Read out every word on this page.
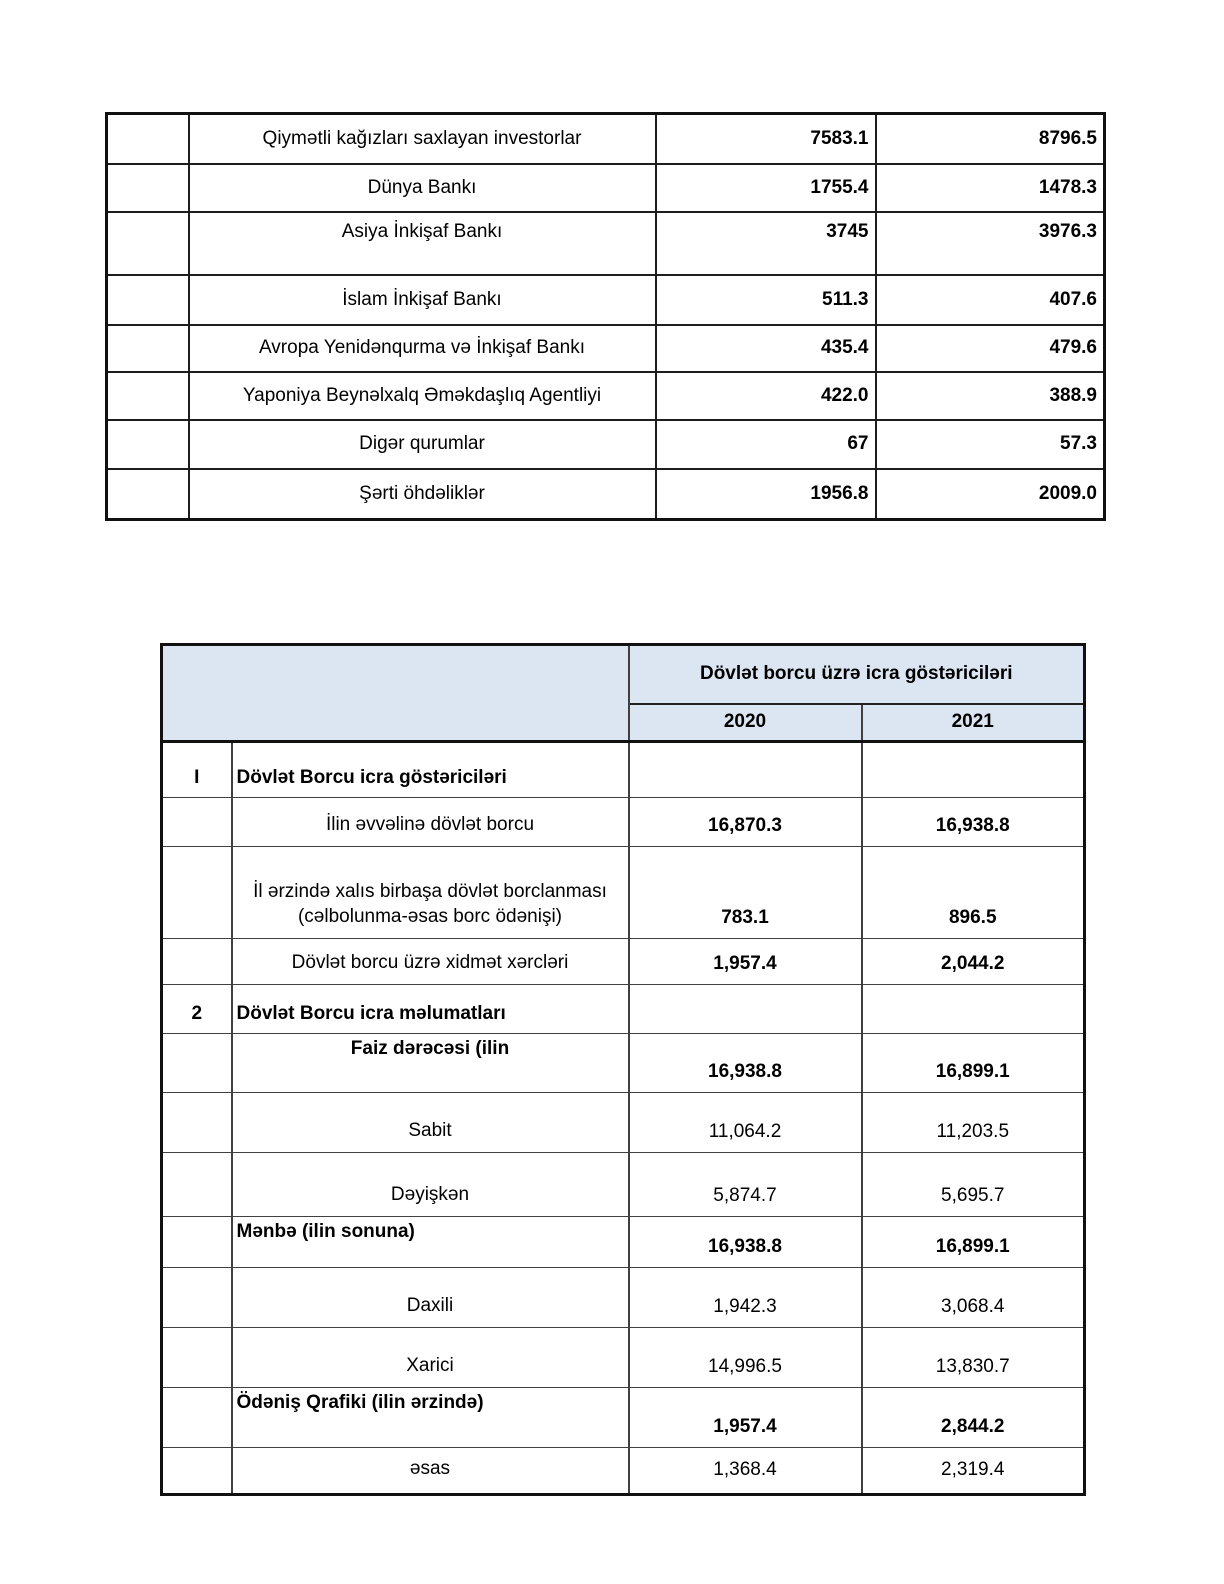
	Qiymətli kağızları saxlayan investorlar	7583.1	8796.5
	Dünya Bankı	1755.4	1478.3
	Asiya İnkişaf Bankı	3745	3976.3
	İslam İnkişaf Bankı	511.3	407.6
	Avropa Yenidənqurma və İnkişaf Bankı	435.4	479.6
	Yaponiya Beynəlxalq Əməkdaşlıq Agentliyi	422.0	388.9
	Digər qurumlar	67	57.3
	Şərti öhdəliklər	1956.8	2009.0
		Dövlət borcu üzrə icra göstəriciləri	
		2020	2021
I	Dövlət Borcu icra göstəriciləri		
	İlin əvvəlinə dövlət borcu	16,870.3	16,938.8
	İl ərzində xalıs birbaşa dövlət borclanması (cəlbolunma-əsas borc ödənişi)	783.1	896.5
	Dövlət borcu üzrə xidmət xərcləri	1,957.4	2,044.2
2	Dövlət Borcu icra məlumatları		
	Faiz dərəcəsi (ilin	16,938.8	16,899.1
	Sabit	11,064.2	11,203.5
	Dəyişkən	5,874.7	5,695.7
	Mənbə (ilin sonuna)	16,938.8	16,899.1
	Daxili	1,942.3	3,068.4
	Xarici	14,996.5	13,830.7
	Ödəniş Qrafiki (ilin ərzində)	1,957.4	2,844.2
	əsas	1,368.4	2,319.4
